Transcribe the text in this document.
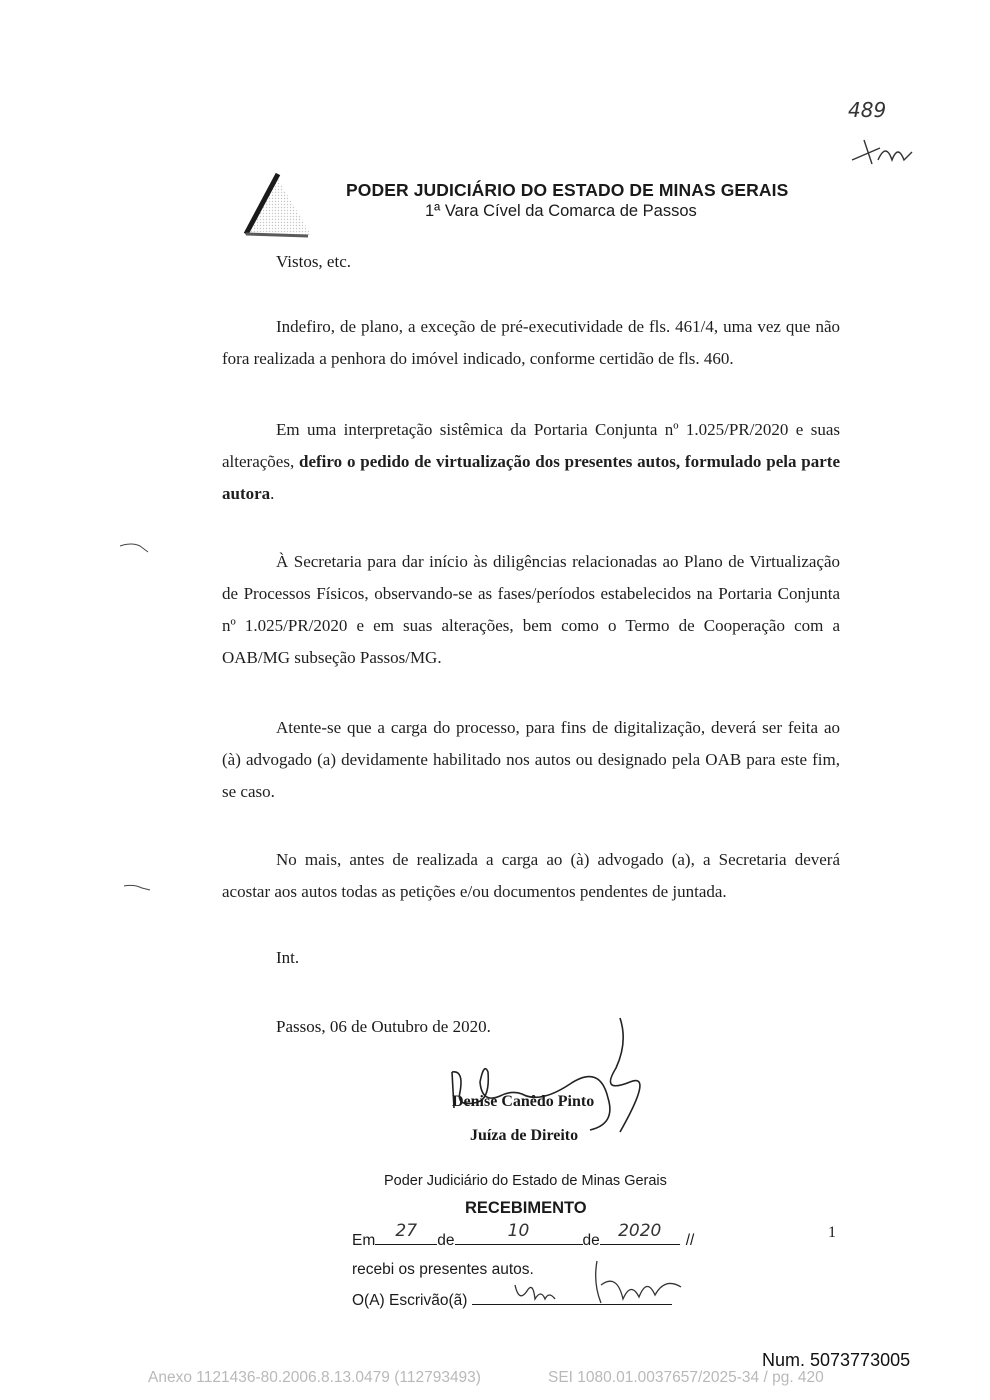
489
PODER JUDICIÁRIO DO ESTADO DE MINAS GERAIS
1ª Vara Cível da Comarca de Passos
Vistos, etc.
Indefiro, de plano, a exceção de pré-executividade de fls. 461/4, uma vez que não fora realizada a penhora do imóvel indicado, conforme certidão de fls. 460.
Em uma interpretação sistêmica da Portaria Conjunta nº 1.025/PR/2020 e suas alterações, defiro o pedido de virtualização dos presentes autos, formulado pela parte autora.
À Secretaria para dar início às diligências relacionadas ao Plano de Virtualização de Processos Físicos, observando-se as fases/períodos estabelecidos na Portaria Conjunta nº 1.025/PR/2020 e em suas alterações, bem como o Termo de Cooperação com a OAB/MG subseção Passos/MG.
Atente-se que a carga do processo, para fins de digitalização, deverá ser feita ao (à) advogado (a) devidamente habilitado nos autos ou designado pela OAB para este fim, se caso.
No mais, antes de realizada a carga ao (à) advogado (a), a Secretaria deverá acostar aos autos todas as petições e/ou documentos pendentes de juntada.
Int.
Passos, 06 de Outubro de 2020.
Denise Canêdo Pinto
Juíza de Direito
Poder Judiciário do Estado de Minas Gerais
RECEBIMENTO
Em 27 de	10	de 2020 //
recebi os presentes autos.
O(A) Escrivão(ã)
1
Num. 5073773005
Anexo 1121436-80.2006.8.13.0479 (112793493)	SEI 1080.01.0037657/2025-34 / pg. 420
